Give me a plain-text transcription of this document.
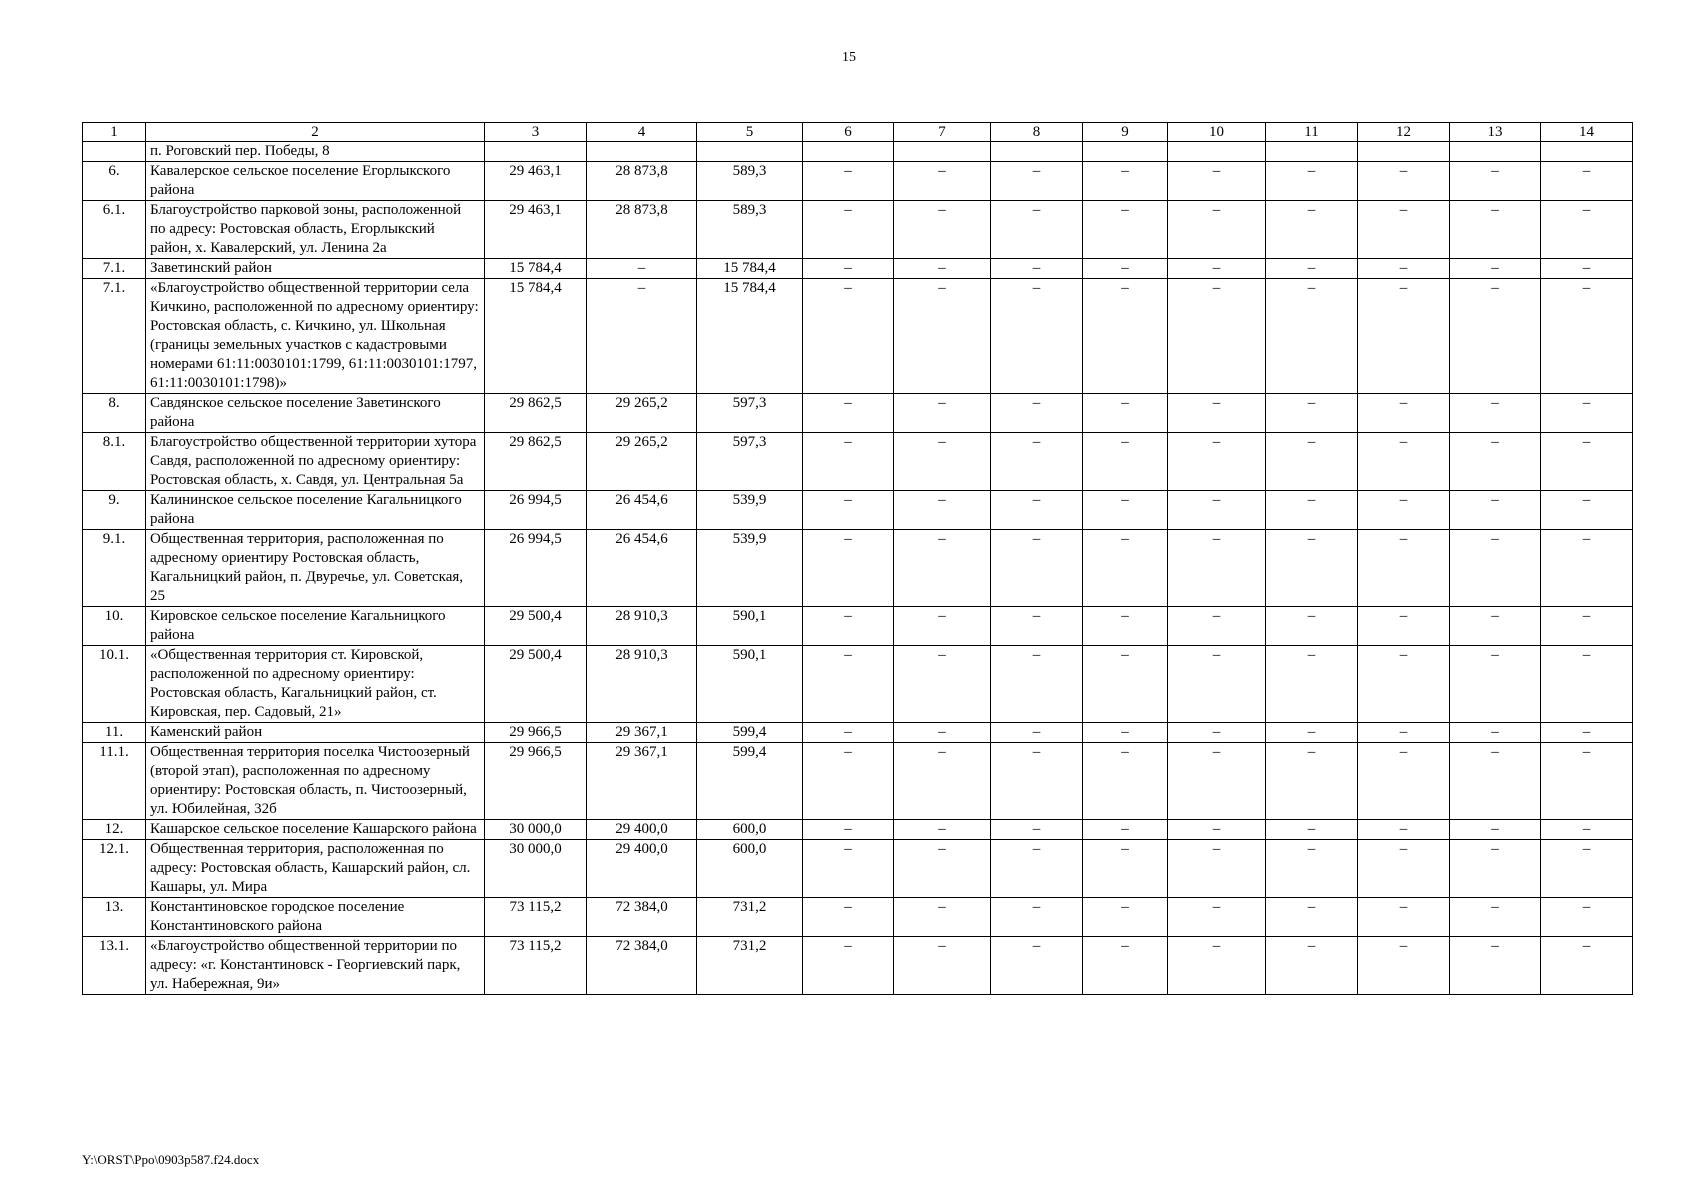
15
1	2	3	4	5	6	7	8	9	10	11	12	13	14
	п. Роговский пер. Победы, 8												
6.	Кавалерское сельское поселение Егорлыкского района	29 463,1	28 873,8	589,3	–	–	–	–	–	–	–	–	–
6.1.	Благоустройство парковой зоны, расположенной по адресу: Ростовская область, Егорлыкский район, х. Кавалерский, ул. Ленина 2а	29 463,1	28 873,8	589,3	–	–	–	–	–	–	–	–	–
7.1.	Заветинский район	15 784,4	–	15 784,4	–	–	–	–	–	–	–	–	–
7.1.	«Благоустройство общественной территории села Кичкино, расположенной по адресному ориентиру: Ростовская область, с. Кичкино, ул. Школьная (границы земельных участков с кадастровыми номерами 61:11:0030101:1799, 61:11:0030101:1797, 61:11:0030101:1798)»	15 784,4	–	15 784,4	–	–	–	–	–	–	–	–	–
8.	Савдянское сельское поселение Заветинского района	29 862,5	29 265,2	597,3	–	–	–	–	–	–	–	–	–
8.1.	Благоустройство общественной территории хутора Савдя, расположенной по адресному ориентиру: Ростовская область, х. Савдя, ул. Центральная 5а	29 862,5	29 265,2	597,3	–	–	–	–	–	–	–	–	–
9.	Калининское сельское поселение Кагальницкого района	26 994,5	26 454,6	539,9	–	–	–	–	–	–	–	–	–
9.1.	Общественная территория, расположенная по адресному ориентиру Ростовская область, Кагальницкий район, п. Двуречье, ул. Советская, 25	26 994,5	26 454,6	539,9	–	–	–	–	–	–	–	–	–
10.	Кировское сельское поселение Кагальницкого района	29 500,4	28 910,3	590,1	–	–	–	–	–	–	–	–	–
10.1.	«Общественная территория ст. Кировской, расположенной по адресному ориентиру: Ростовская область, Кагальницкий район, ст. Кировская, пер. Садовый, 21»	29 500,4	28 910,3	590,1	–	–	–	–	–	–	–	–	–
11.	Каменский район	29 966,5	29 367,1	599,4	–	–	–	–	–	–	–	–	–
11.1.	Общественная территория поселка Чистоозерный (второй этап), расположенная по адресному ориентиру: Ростовская область, п. Чистоозерный, ул. Юбилейная, 32б	29 966,5	29 367,1	599,4	–	–	–	–	–	–	–	–	–
12.	Кашарское сельское поселение Кашарского района	30 000,0	29 400,0	600,0	–	–	–	–	–	–	–	–	–
12.1.	Общественная территория, расположенная по адресу: Ростовская область, Кашарский район, сл. Кашары, ул. Мира	30 000,0	29 400,0	600,0	–	–	–	–	–	–	–	–	–
13.	Константиновское городское поселение Константиновского района	73 115,2	72 384,0	731,2	–	–	–	–	–	–	–	–	–
13.1.	«Благоустройство общественной территории по адресу: «г. Константиновск - Георгиевский парк, ул. Набережная, 9и»	73 115,2	72 384,0	731,2	–	–	–	–	–	–	–	–	–
Y:\ORST\Ppo\0903p587.f24.docx
